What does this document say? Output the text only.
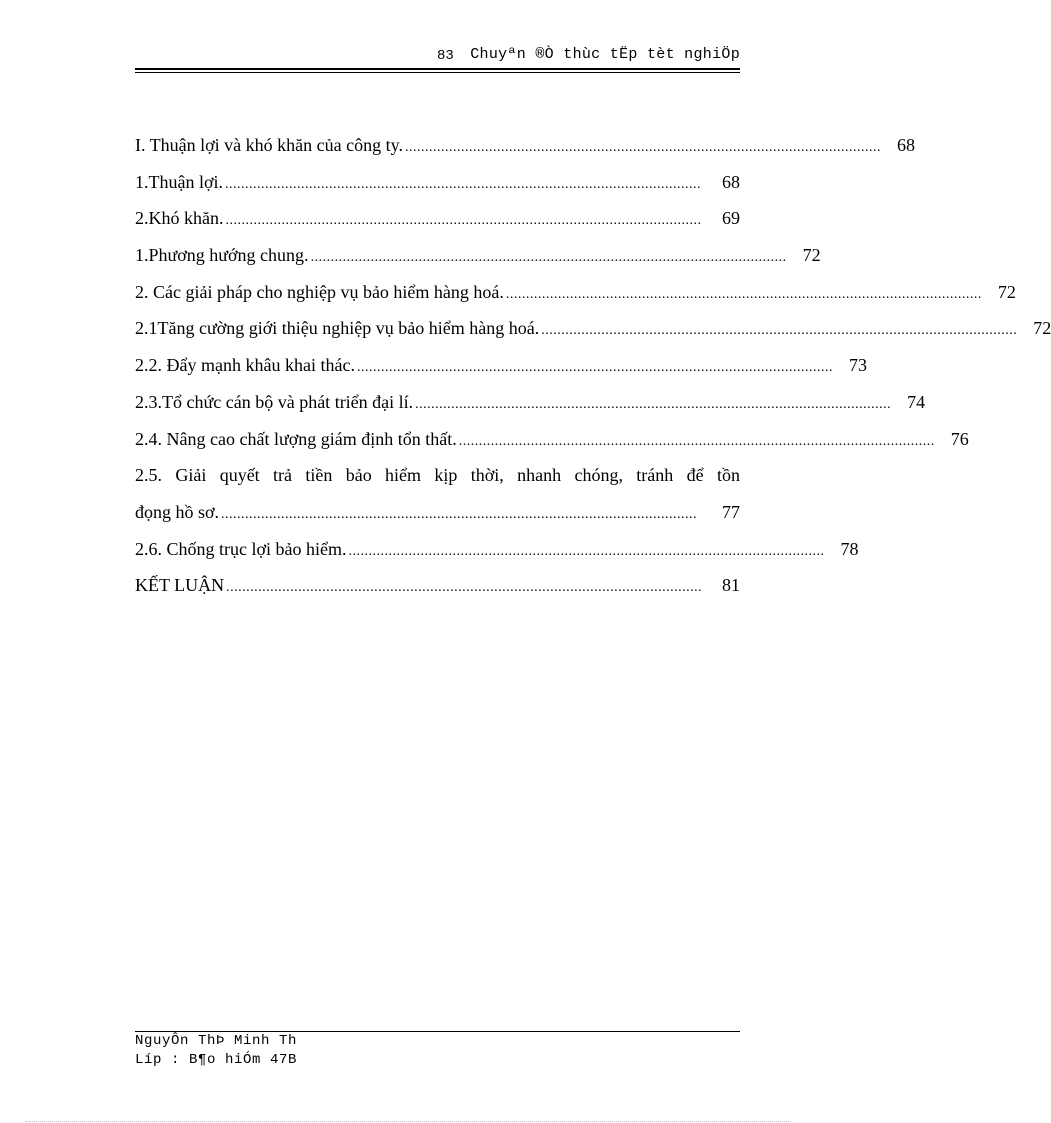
83 Chuyªn ®Ò thùc tËp tèt nghiÖp
I. Thuận lợi và khó khăn của công ty. ....................................................................................................................... 68
1.Thuận lợi. .......................................................................................................................	68
2.Khó khăn. .......................................................................................................................	69
1.Phương hướng chung. ....................................................................................................................... 72
2. Các giải pháp cho nghiệp vụ bảo hiểm hàng hoá. ....................................................................................................................... 72
2.1Tăng cường giới thiệu nghiệp vụ bảo hiểm hàng hoá. ....................................................................................................................... 72
2.2. Đẩy mạnh khâu khai thác. ....................................................................................................................... 73
2.3.Tổ chức cán bộ và phát triển đại lí. ....................................................................................................................... 74
2.4. Nâng cao chất lượng giám định tổn thất. ....................................................................................................................... 76
2.5. Giải quyết trả tiền bảo hiểm kịp thời, nhanh chóng, tránh để tồn
đọng hồ sơ. .......................................................................................................................	77
2.6. Chống trục lợi bảo hiểm. ....................................................................................................................... 78
KẾT LUẬN .......................................................................................................................	81
NguyÔn ThÞ Minh Th
Líp : B¶o hiÓm 47B
